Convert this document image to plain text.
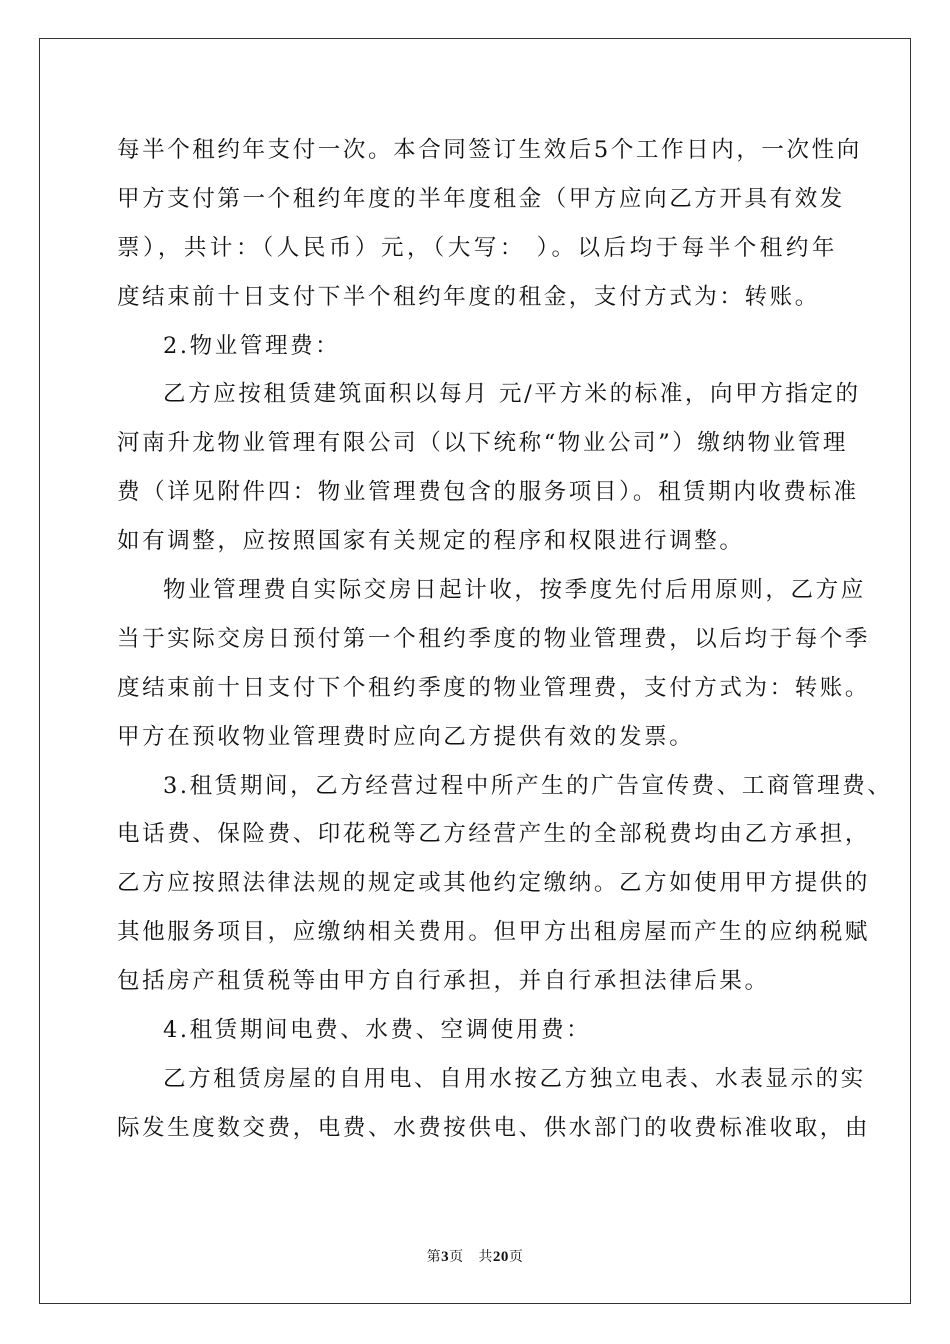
每半个租约年支付一次。本合同签订生效后5个工作日内，一次性向
甲方支付第一个租约年度的半年度租金（甲方应向乙方开具有效发
票），共计：（人民币）元，（大写： ）。以后均于每半个租约年
度结束前十日支付下半个租约年度的租金，支付方式为：转账。
2.物业管理费：
乙方应按租赁建筑面积以每月 元/平方米的标准，向甲方指定的
河南升龙物业管理有限公司（以下统称“物业公司”）缴纳物业管理
费（详见附件四：物业管理费包含的服务项目）。租赁期内收费标准
如有调整，应按照国家有关规定的程序和权限进行调整。
物业管理费自实际交房日起计收，按季度先付后用原则，乙方应
当于实际交房日预付第一个租约季度的物业管理费，以后均于每个季
度结束前十日支付下个租约季度的物业管理费，支付方式为：转账。
甲方在预收物业管理费时应向乙方提供有效的发票。
3.租赁期间，乙方经营过程中所产生的广告宣传费、工商管理费、
电话费、保险费、印花税等乙方经营产生的全部税费均由乙方承担，
乙方应按照法律法规的规定或其他约定缴纳。乙方如使用甲方提供的
其他服务项目，应缴纳相关费用。但甲方出租房屋而产生的应纳税赋
包括房产租赁税等由甲方自行承担，并自行承担法律后果。
4.租赁期间电费、水费、空调使用费：
乙方租赁房屋的自用电、自用水按乙方独立电表、水表显示的实
际发生度数交费，电费、水费按供电、供水部门的收费标准收取，由
第3页 共20页
